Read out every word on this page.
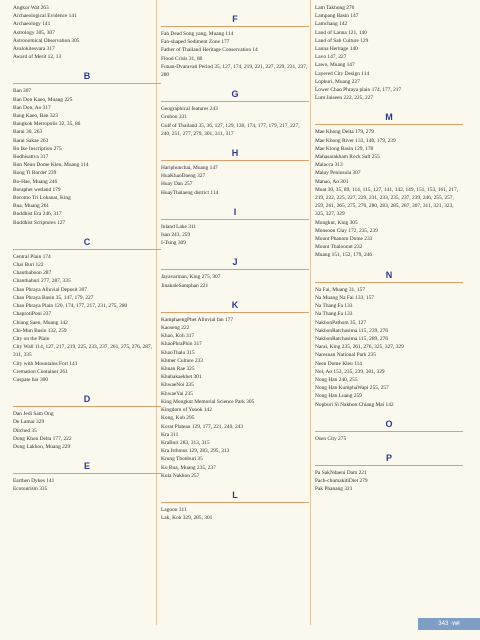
Angkor Wat 263
Archaeological Evidence 141
Archaeology 141
Astrology 305, 307
Astronomical Observation 305
Avalokitesvara 317
Award of Merit 12, 13
B
Ban 307
Ban Don Kaeo, Muang 225
Ban Don, Ao 317
Bang Kaeo, Ban 323
Bangkok Metropolis 32, 35, 86
Barai 30, 263
Barai Sakae 263
Bo Ike Inscription 275
Bodhisattva 317
Bon Neun Dome Kleu, Muang 114
Bong Ti Border 239
Bo-Hae, Muang 246
Boraphet wetland 179
Boromo Tri Lokanat, King
Bua, Muang 261
Buddhist Era 246, 317
Buddhist Scriptures 127
C
Central Plain 174
Chai Buri 122
Chanthaboon 287
Chanthaburi 277, 287, 335
Chao Phraya Alluvial Deposit 307
Chao Phraya Basin 35, 147, 179, 227
Chao Phraya Plain 120, 174, 177, 217, 231, 275, 280
ChaprotiPoni 237
Chiang Saen, Muang 142
Chi-Mun Basin 132, 259
City on the Plain
City Wall 114, 127, 217, 219, 225, 233, 237, 261, 275, 276, 287, 311, 335
City with Mountains Fort 141
Cremation Container 261
Cuspate bar 300
D
Dan Jedi Sam Ong
De Lamar 329
Ditched 35
Dong Khon Delta 177, 222
Dong Lakhon, Muang 229
E
Earthen Dykes 141
Ecotourism 335
F
Fah Dead Song yang, Muang 114
Fan-shaped Sediment Zone 177
Father of Thailand Heritage Conservation 14
Flood Crisis 31, 86
Funan-Dvaravati Period 35, 127, 174, 219, 221, 227, 229, 231, 237, 280
G
Geographical features 243
Gruhon 331
Gulf of Thailand 35, 36, 127, 129, 130, 174, 177, 179, 217, 227, 240, 251, 277, 279, 301, 311, 317
H
Hariphunchai, Muang 147
HuaKhaoDaeng 327
Huay Dan 257
HuayThalaeng district 114
I
Inland Lake 311
Isan 243, 259
I-Tsing 309
J
Jayavarman, King 275, 307
JinakaleSamphan 221
K
KamphaengPhet Alluvial fan 177
Kaoseng 222
Khao, Koh 317
KhaoPhraPhin 317
KhaoThalu 315
Khmer Culture 233
Khuan Rae 325
Khubakaekhet 301
KhwaeNoi 235
KhwaeYai 235
King Mongkut Memorial Science Park 305
Kingdom of Yonok 142
Kong, Koh 295
Korat Plateau 129, 177, 221, 240, 243
Kra 311
KraBuri 283, 313, 315
Kra Isthmus 129, 283, 295, 313
Krung Thonburi 35
Ku Bua, Muang 235, 237
Kula Nakhon 257
L
Lagoon 311
Lak, Koh 329, 285, 301
Lam Takhong 276
Lampang Basin 147
Lamchang 142
Land of Lanna 121, 140
Land of Sab Culture 129
Lanna Heritage 140
Lavo 147, 227
Lawo, Muang 147
Layered City Design 114
Lopburi, Muang 227
Lower Chao Phraya plain 174, 177, 217
Lum Jaiseen 222, 225, 227
M
Mae Khong Delta 179, 279
Mae Khong River 133, 140, 179, 239
Mae Klong Basin 129, 178
Mahasarakham Rock Salt 255
Malacca 313
Malay Peninsula 307
Manao, Ao 301
Moat 30, 35, 89, 114, 115, 127, 141, 142, 149, 151, 153, 161, 217, 219, 222, 225, 227, 229, 231, 233, 235, 237, 239, 246, 255, 257, 259, 261, 265, 275, 276, 280, 283, 285, 287, 307, 311, 321, 323, 325, 327, 329
Mongkut, King 305
Monsoon Clay 172, 235, 239
Mount Phanom Dome 233
Mount Thaloonut 232
Muang 151, 152, 179, 246
N
Na Fai, Muang 31, 157
Na Muang Na Fai 133, 157
Na Thang Fa 133
Na Thang Fa 133
NakhonPathom 35, 127
NakhonRatchasima 115, 239, 276
NakhonRatchasima 115, 289, 276
Narai, King 235, 261, 276, 325, 327, 329
Naresuan National Park 235
Neen Dome Kleu 114
Noi, Ao 153, 235, 239, 301, 329
Nong Han 240, 255
Nong Han KumphaWapi 255, 257
Nong Han Luang 259
Nopburi Si Nakhon Chiang Mai 142
O
Osen City 275
P
Pa SakNdaeni Dam 221
Pach-chumakitiDiet 279
Pak Phanang 321
343 ·ทศ
